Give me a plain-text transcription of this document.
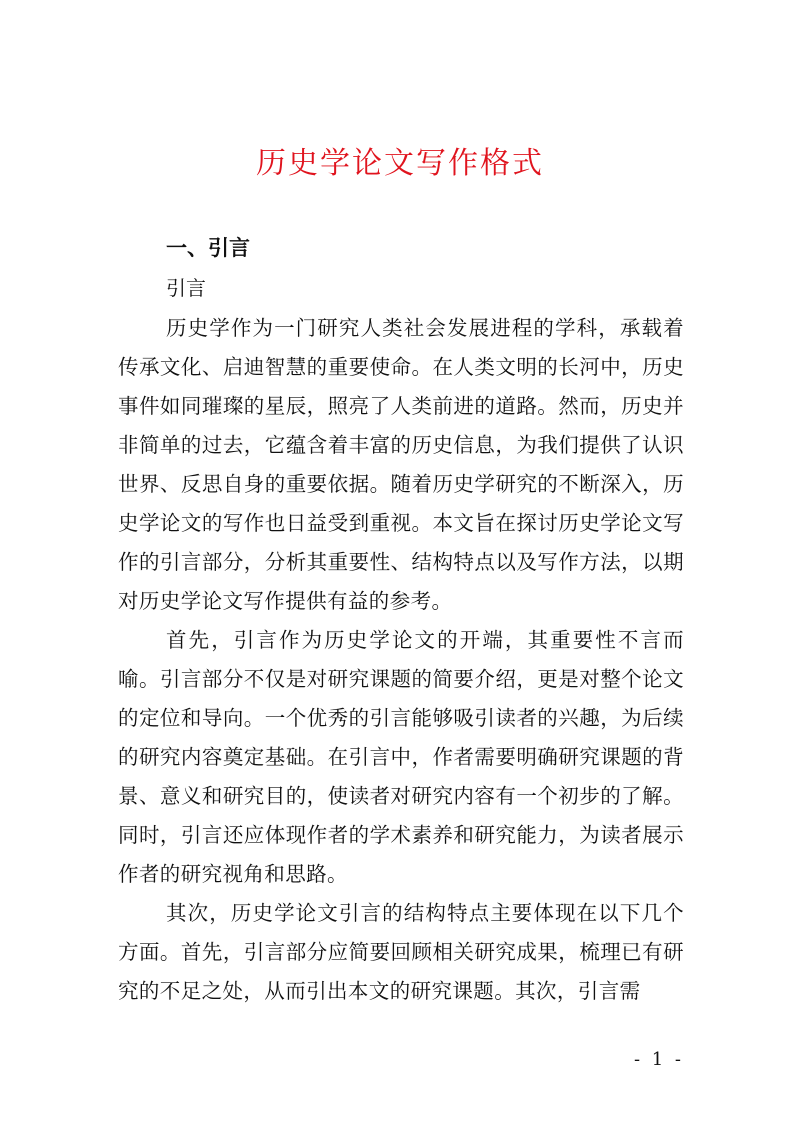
历史学论文写作格式
一、引言
引言

历史学作为一门研究人类社会发展进程的学科，承载着传承文化、启迪智慧的重要使命。在人类文明的长河中，历史事件如同璀璨的星辰，照亮了人类前进的道路。然而，历史并非简单的过去，它蕴含着丰富的历史信息，为我们提供了认识世界、反思自身的重要依据。随着历史学研究的不断深入，历史学论文的写作也日益受到重视。本文旨在探讨历史学论文写作的引言部分，分析其重要性、结构特点以及写作方法，以期对历史学论文写作提供有益的参考。

首先，引言作为历史学论文的开端，其重要性不言而喻。引言部分不仅是对研究课题的简要介绍，更是对整个论文的定位和导向。一个优秀的引言能够吸引读者的兴趣，为后续的研究内容奠定基础。在引言中，作者需要明确研究课题的背景、意义和研究目的，使读者对研究内容有一个初步的了解。同时，引言还应体现作者的学术素养和研究能力，为读者展示作者的研究视角和思路。

其次，历史学论文引言的结构特点主要体现在以下几个方面。首先，引言部分应简要回顾相关研究成果，梳理已有研究的不足之处，从而引出本文的研究课题。其次，引言需

- 1 -
